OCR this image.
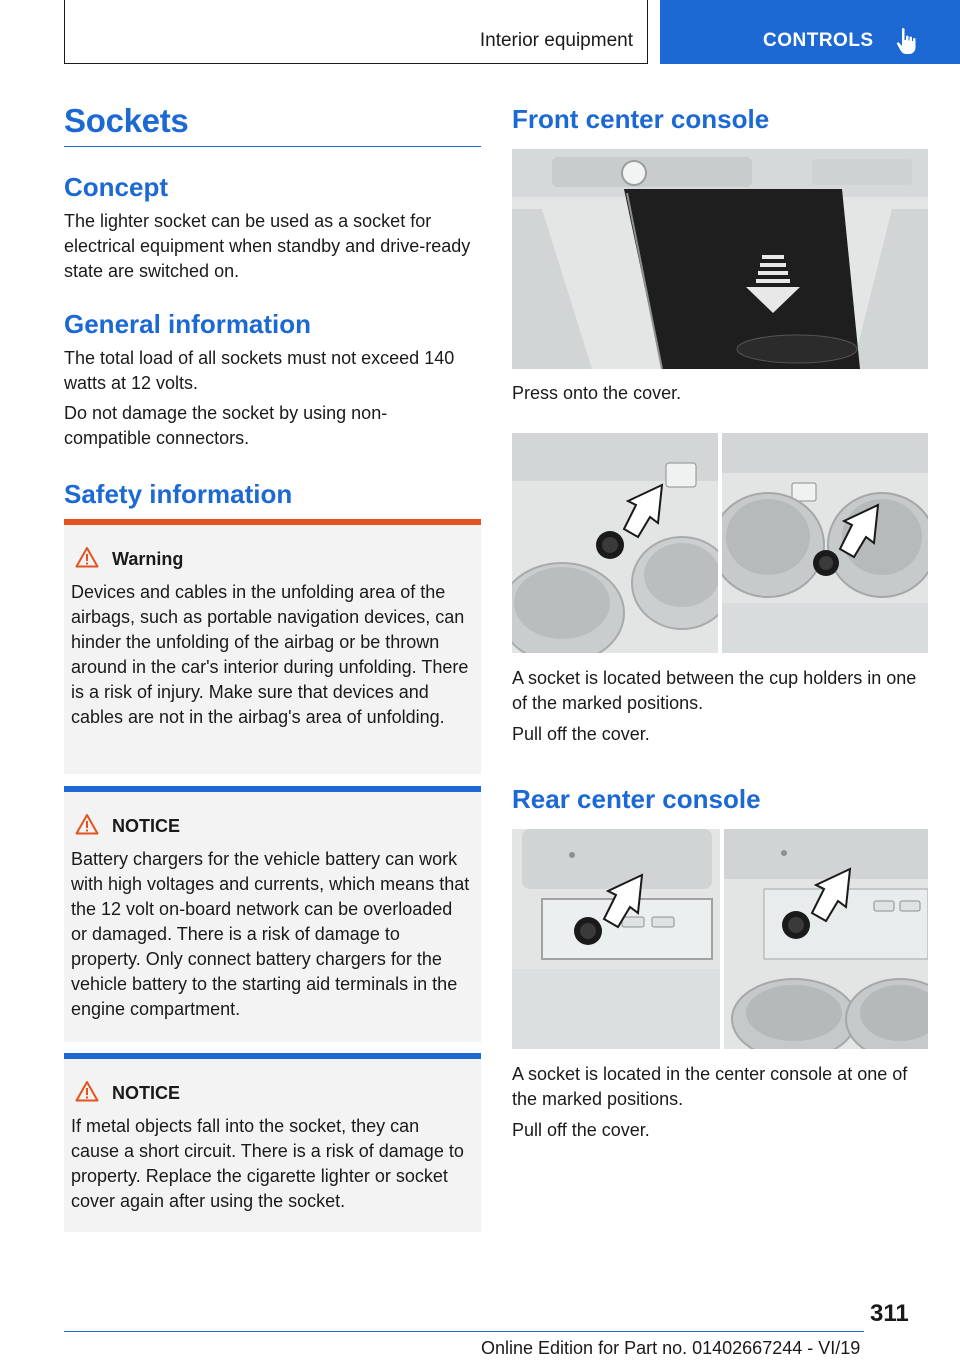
Interior equipment	CONTROLS
Sockets
Concept

The lighter socket can be used as a socket for electrical equipment when standby and drive-ready state are switched on.

General information

The total load of all sockets must not exceed 140 watts at 12 volts.

Do not damage the socket by using non-compatible connectors.

Safety information
Warning

Devices and cables in the unfolding area of the airbags, such as portable navigation devices, can hinder the unfolding of the airbag or be thrown around in the car's interior during unfolding. There is a risk of injury. Make sure that devices and cables are not in the airbag's area of unfolding.

NOTICE

Battery chargers for the vehicle battery can work with high voltages and currents, which means that the 12 volt on-board network can be overloaded or damaged. There is a risk of damage to property. Only connect battery chargers for the vehicle battery to the starting aid terminals in the engine compartment.

NOTICE

If metal objects fall into the socket, they can cause a short circuit. There is a risk of damage to property. Replace the cigarette lighter or socket cover again after using the socket.

Front center console

Press onto the cover.

A socket is located between the cup holders in one of the marked positions.

Pull off the cover.

Rear center console

A socket is located in the center console at one of the marked positions.

Pull off the cover.

311
Online Edition for Part no. 01402667244 - VI/19
